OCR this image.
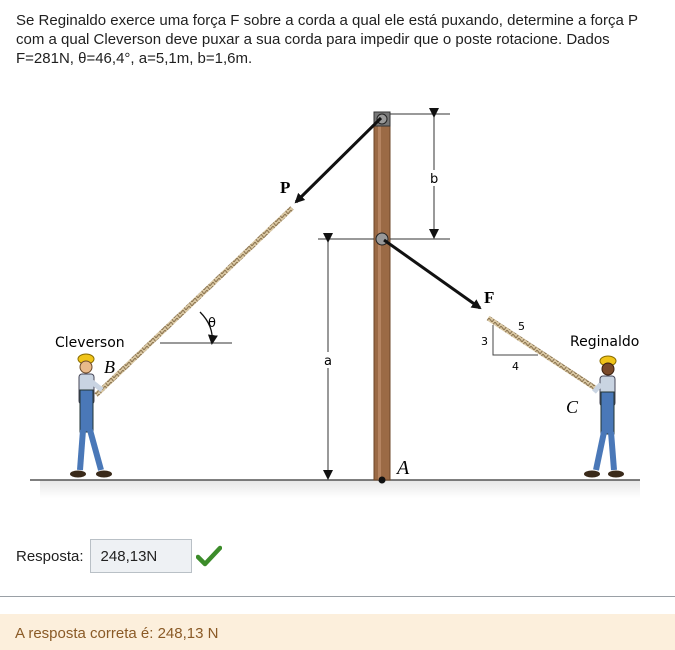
Se Reginaldo exerce uma força F sobre a corda a qual ele está puxando, determine a força P com a qual Cleverson deve puxar a sua corda para impedir que o poste rotacione. Dados F=281N, θ=46,4°, a=5,1m, b=1,6m.
b
a
P
θ
F
3
4
5
Cleverson
B
Reginaldo
C
A
Resposta:
248,13N
A resposta correta é: 248,13 N
